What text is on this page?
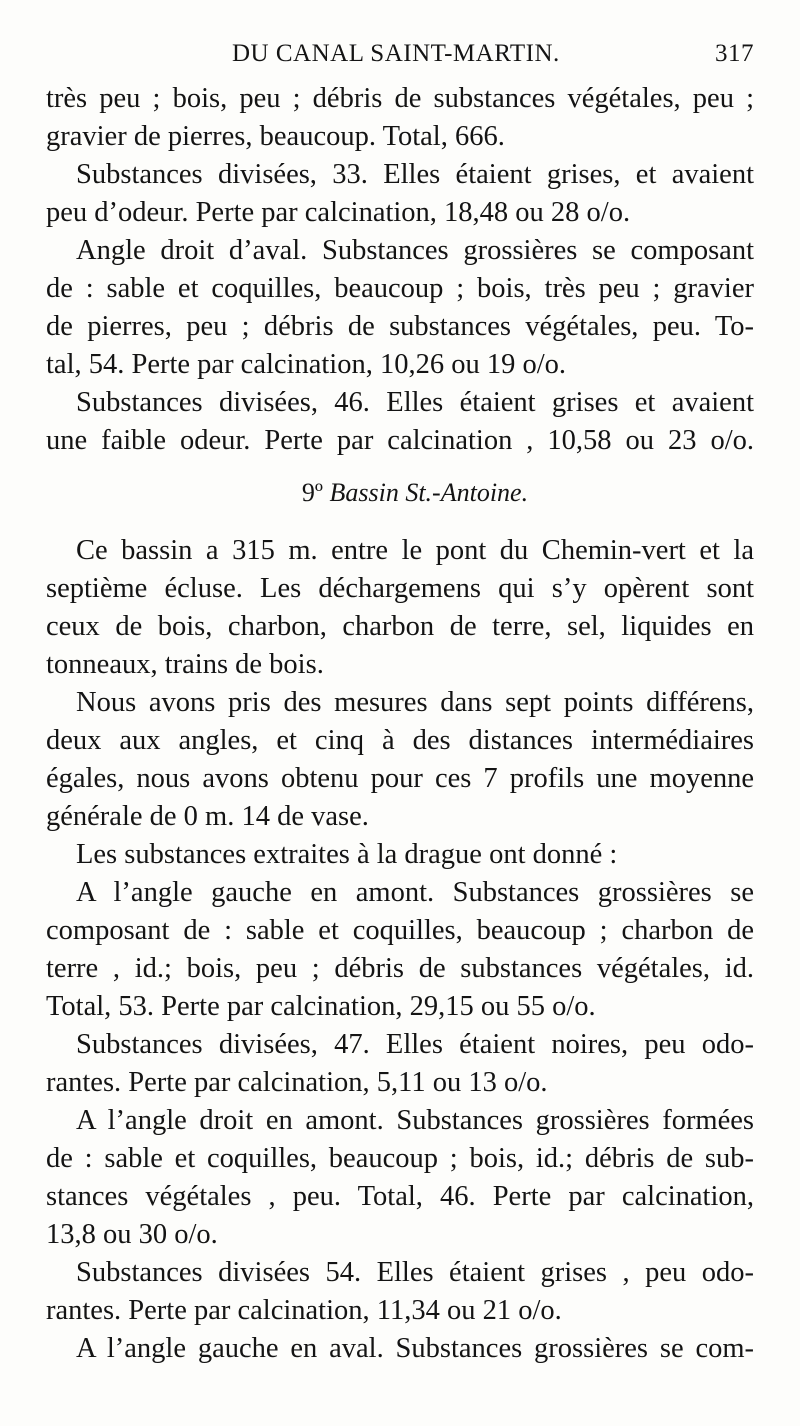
DU CANAL SAINT-MARTIN.	317
très peu ; bois, peu ; débris de substances végétales, peu ;
gravier de pierres, beaucoup. Total, 666.
Substances divisées, 33. Elles étaient grises, et avaient
peu d’odeur. Perte par calcination, 18,48 ou 28 o/o.
Angle droit d’aval. Substances grossières se composant
de : sable et coquilles, beaucoup ; bois, très peu ; gravier
de pierres, peu ; débris de substances végétales, peu. To-
tal, 54. Perte par calcination, 10,26 ou 19 o/o.
Substances divisées, 46. Elles étaient grises et avaient
une faible odeur. Perte par calcination , 10,58 ou 23 o/o.
9º Bassin St.-Antoine.
Ce bassin a 315 m. entre le pont du Chemin-vert et la
septième écluse. Les déchargemens qui s’y opèrent sont
ceux de bois, charbon, charbon de terre, sel, liquides en
tonneaux, trains de bois.
Nous avons pris des mesures dans sept points différens,
deux aux angles, et cinq à des distances intermédiaires
égales, nous avons obtenu pour ces 7 profils une moyenne
générale de 0 m. 14 de vase.
Les substances extraites à la drague ont donné :
A l’angle gauche en amont. Substances grossières se
composant de : sable et coquilles, beaucoup ; charbon de
terre , id.; bois, peu ; débris de substances végétales, id.
Total, 53. Perte par calcination, 29,15 ou 55 o/o.
Substances divisées, 47. Elles étaient noires, peu odo-
rantes. Perte par calcination, 5,11 ou 13 o/o.
A l’angle droit en amont. Substances grossières formées
de : sable et coquilles, beaucoup ; bois, id.; débris de sub-
stances végétales , peu. Total, 46. Perte par calcination,
13,8 ou 30 o/o.
Substances divisées 54. Elles étaient grises , peu odo-
rantes. Perte par calcination, 11,34 ou 21 o/o.
A l’angle gauche en aval. Substances grossières se com-
